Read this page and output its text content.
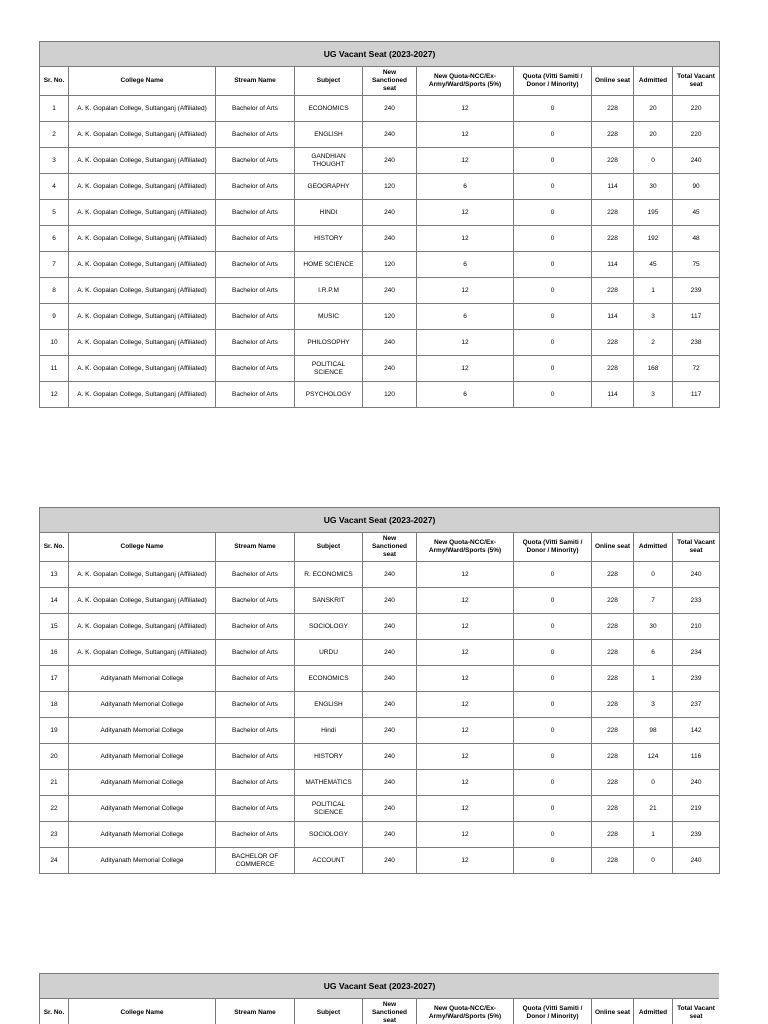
UG Vacant Seat (2023-2027)									
Sr. No.	College Name	Stream Name	Subject	New Sanctioned seat	New Quota-NCC/Ex-Army/Ward/Sports (5%)	Quota (Vitti Samiti / Donor / Minority)	Online seat	Admitted	Total Vacant seat
1	A. K. Gopalan College, Sultanganj (Affiliated)	Bachelor of Arts	ECONOMICS	240	12	0	228	20	220
2	A. K. Gopalan College, Sultanganj (Affiliated)	Bachelor of Arts	ENGLISH	240	12	0	228	20	220
3	A. K. Gopalan College, Sultanganj (Affiliated)	Bachelor of Arts	GANDHIAN THOUGHT	240	12	0	228	0	240
4	A. K. Gopalan College, Sultanganj (Affiliated)	Bachelor of Arts	GEOGRAPHY	120	6	0	114	30	90
5	A. K. Gopalan College, Sultanganj (Affiliated)	Bachelor of Arts	HINDI	240	12	0	228	195	45
6	A. K. Gopalan College, Sultanganj (Affiliated)	Bachelor of Arts	HISTORY	240	12	0	228	192	48
7	A. K. Gopalan College, Sultanganj (Affiliated)	Bachelor of Arts	HOME SCIENCE	120	6	0	114	45	75
8	A. K. Gopalan College, Sultanganj (Affiliated)	Bachelor of Arts	I.R.P.M	240	12	0	228	1	239
9	A. K. Gopalan College, Sultanganj (Affiliated)	Bachelor of Arts	MUSIC	120	6	0	114	3	117
10	A. K. Gopalan College, Sultanganj (Affiliated)	Bachelor of Arts	PHILOSOPHY	240	12	0	228	2	238
11	A. K. Gopalan College, Sultanganj (Affiliated)	Bachelor of Arts	POLITICAL SCIENCE	240	12	0	228	168	72
12	A. K. Gopalan College, Sultanganj (Affiliated)	Bachelor of Arts	PSYCHOLOGY	120	6	0	114	3	117
UG Vacant Seat (2023-2027)									
Sr. No.	College Name	Stream Name	Subject	New Sanctioned seat	New Quota-NCC/Ex-Army/Ward/Sports (5%)	Quota (Vitti Samiti / Donor / Minority)	Online seat	Admitted	Total Vacant seat
13	A. K. Gopalan College, Sultanganj (Affiliated)	Bachelor of Arts	R. ECONOMICS	240	12	0	228	0	240
14	A. K. Gopalan College, Sultanganj (Affiliated)	Bachelor of Arts	SANSKRIT	240	12	0	228	7	233
15	A. K. Gopalan College, Sultanganj (Affiliated)	Bachelor of Arts	SOCIOLOGY	240	12	0	228	30	210
16	A. K. Gopalan College, Sultanganj (Affiliated)	Bachelor of Arts	URDU	240	12	0	228	6	234
17	Adityanath Memorial College	Bachelor of Arts	ECONOMICS	240	12	0	228	1	239
18	Adityanath Memorial College	Bachelor of Arts	ENGLISH	240	12	0	228	3	237
19	Adityanath Memorial College	Bachelor of Arts	Hindi	240	12	0	228	98	142
20	Adityanath Memorial College	Bachelor of Arts	HISTORY	240	12	0	228	124	116
21	Adityanath Memorial College	Bachelor of Arts	MATHEMATICS	240	12	0	228	0	240
22	Adityanath Memorial College	Bachelor of Arts	POLITICAL SCIENCE	240	12	0	228	21	219
23	Adityanath Memorial College	Bachelor of Arts	SOCIOLOGY	240	12	0	228	1	239
24	Adityanath Memorial College	BACHELOR OF COMMERCE	ACCOUNT	240	12	0	228	0	240
UG Vacant Seat (2023-2027)
Sr. No.	College Name	Stream Name	Subject	New Sanctioned seat	New Quota-NCC/Ex-Army/Ward/Sports (5%)	Quota (Vitti Samiti / Donor / Minority)	Online seat	Admitted	Total Vacant seat
